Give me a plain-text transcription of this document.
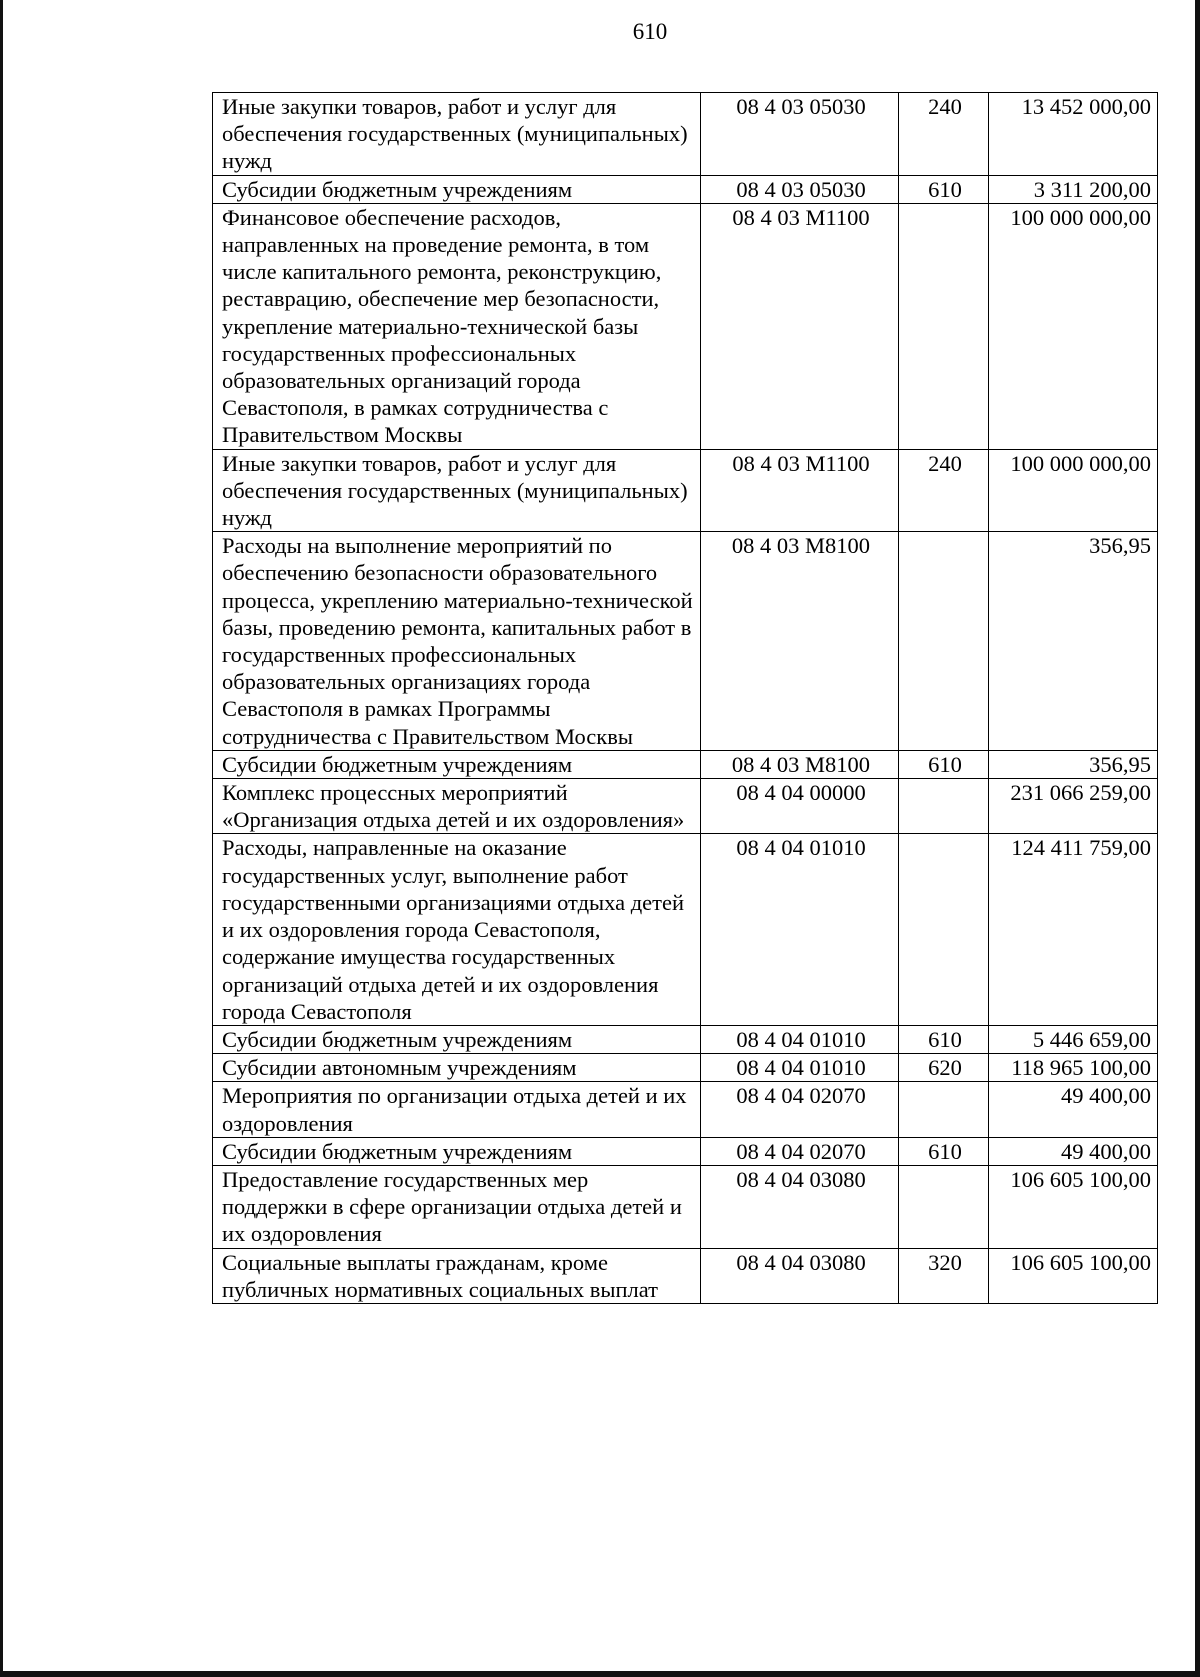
610
Иные закупки товаров, работ и услуг для обеспечения государственных (муниципальных) нужд	08 4 03 05030	240	13 452 000,00
Субсидии бюджетным учреждениям	08 4 03 05030	610	3 311 200,00
Финансовое обеспечение расходов, направленных на проведение ремонта, в том числе капитального ремонта, реконструкцию, реставрацию, обеспечение мер безопасности, укрепление материально-технической базы государственных профессиональных образовательных организаций города Севастополя, в рамках сотрудничества с Правительством Москвы	08 4 03 М1100		100 000 000,00
Иные закупки товаров, работ и услуг для обеспечения государственных (муниципальных) нужд	08 4 03 М1100	240	100 000 000,00
Расходы на выполнение мероприятий по обеспечению безопасности образовательного процесса, укреплению материально-технической базы, проведению ремонта, капитальных работ в государственных профессиональных образовательных организациях города Севастополя в рамках Программы сотрудничества с Правительством Москвы	08 4 03 М8100		356,95
Субсидии бюджетным учреждениям	08 4 03 М8100	610	356,95
Комплекс процессных мероприятий «Организация отдыха детей и их оздоровления»	08 4 04 00000		231 066 259,00
Расходы, направленные на оказание государственных услуг, выполнение работ государственными организациями отдыха детей и их оздоровления города Севастополя, содержание имущества государственных организаций отдыха детей и их оздоровления города Севастополя	08 4 04 01010		124 411 759,00
Субсидии бюджетным учреждениям	08 4 04 01010	610	5 446 659,00
Субсидии автономным учреждениям	08 4 04 01010	620	118 965 100,00
Мероприятия по организации отдыха детей и их оздоровления	08 4 04 02070		49 400,00
Субсидии бюджетным учреждениям	08 4 04 02070	610	49 400,00
Предоставление государственных мер поддержки в сфере организации отдыха детей и их оздоровления	08 4 04 03080		106 605 100,00
Социальные выплаты гражданам, кроме публичных нормативных социальных выплат	08 4 04 03080	320	106 605 100,00
